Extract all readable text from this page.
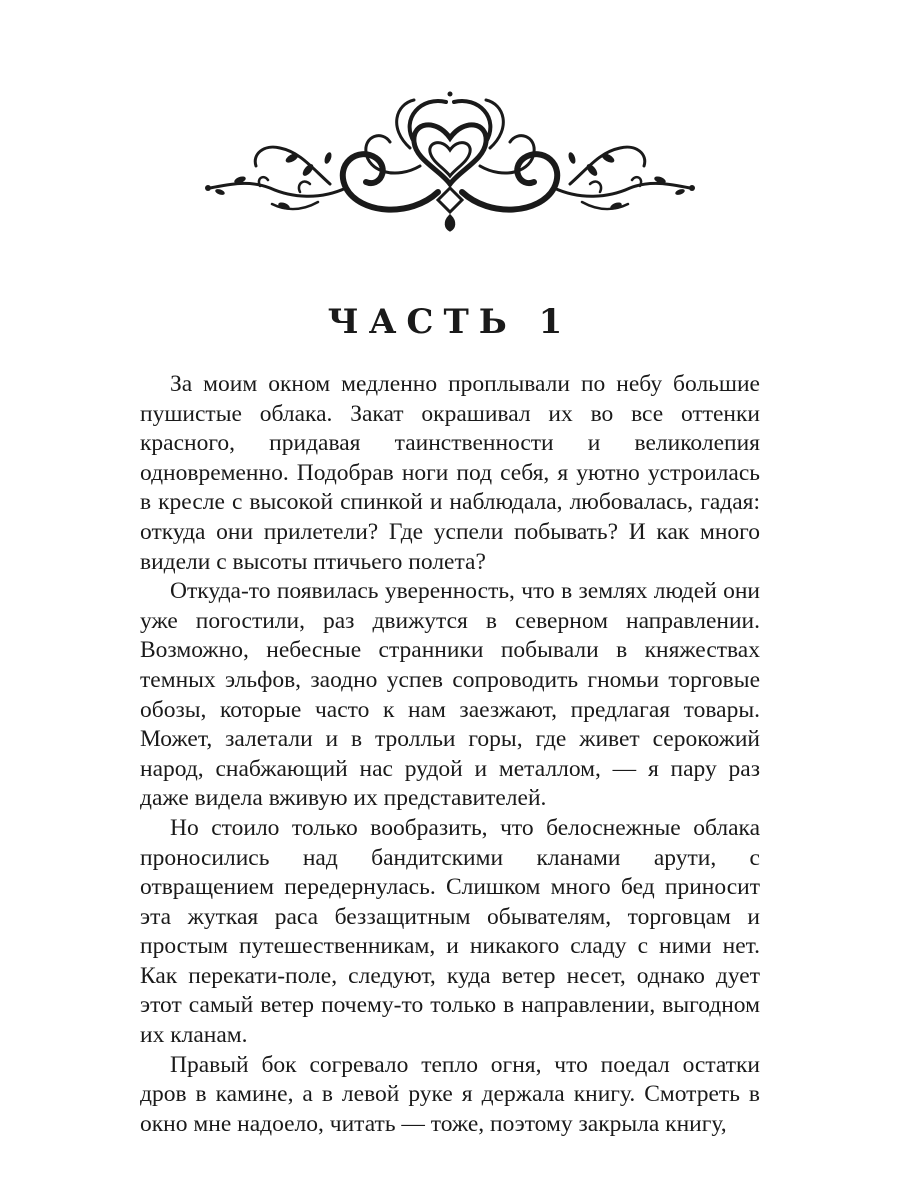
ЧАСТЬ 1

За моим окном медленно проплывали по небу большие пушистые облака. Закат окрашивал их во все оттенки красного, придавая таинственности и великолепия одновременно. Подобрав ноги под себя, я уютно устроилась в кресле с высокой спинкой и наблюдала, любовалась, гадая: откуда они прилетели? Где успели побывать? И как много видели с высоты птичьего полета?

Откуда-то появилась уверенность, что в землях людей они уже погостили, раз движутся в северном направлении. Возможно, небесные странники побывали в княжествах темных эльфов, заодно успев сопроводить гномьи торговые обозы, которые часто к нам заезжают, предлагая товары. Может, залетали и в тролльи горы, где живет серокожий народ, снабжающий нас рудой и металлом, — я пару раз даже видела вживую их представителей.

Но стоило только вообразить, что белоснежные облака проносились над бандитскими кланами арути, с отвращением передернулась. Слишком много бед приносит эта жуткая раса беззащитным обывателям, торговцам и простым путешественникам, и никакого сладу с ними нет. Как перекати-поле, следуют, куда ветер несет, однако дует этот самый ветер почему-то только в направлении, выгодном их кланам.

Правый бок согревало тепло огня, что поедал остатки дров в камине, а в левой руке я держала книгу. Смотреть в окно мне надоело, читать — тоже, поэтому закрыла книгу,
